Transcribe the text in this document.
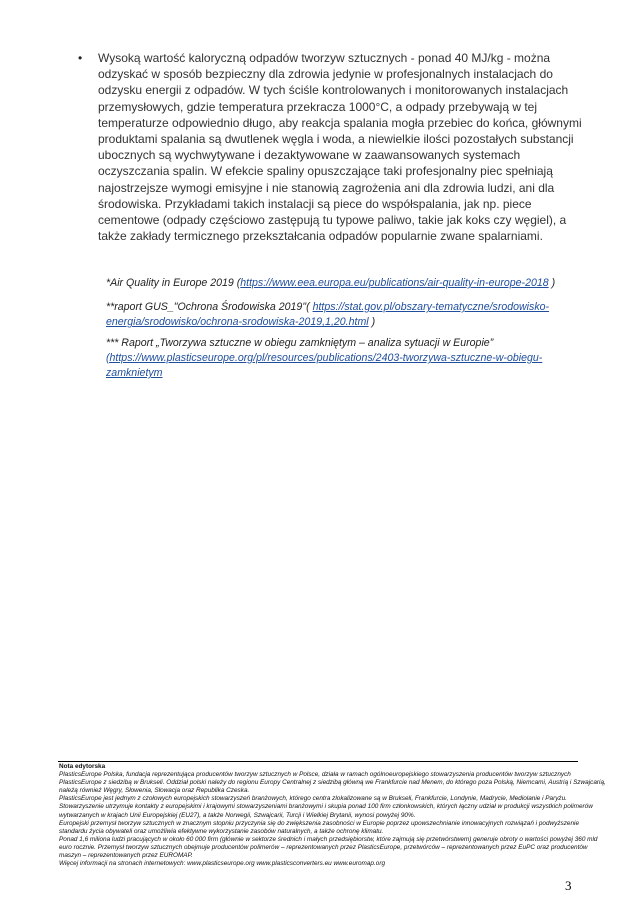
• Wysoką wartość kaloryczną odpadów tworzyw sztucznych - ponad 40 MJ/kg - można odzyskać w sposób bezpieczny dla zdrowia jedynie w profesjonalnych instalacjach do odzysku energii z odpadów. W tych ściśle kontrolowanych i monitorowanych instalacjach przemysłowych, gdzie temperatura przekracza 1000°C, a odpady przebywają w tej temperaturze odpowiednio długo, aby reakcja spalania mogła przebiec do końca, głównymi produktami spalania są dwutlenek węgla i woda, a niewielkie ilości pozostałych substancji ubocznych są wychwytywane i dezaktywowane w zaawansowanych systemach oczyszczania spalin. W efekcie spaliny opuszczające taki profesjonalny piec spełniają najostrzejsze wymogi emisyjne i nie stanowią zagrożenia ani dla zdrowia ludzi, ani dla środowiska. Przykładami takich instalacji są piece do współspalania, jak np. piece cementowe (odpady częściowo zastępują tu typowe paliwo, takie jak koks czy węgiel), a także zakłady termicznego przekształcania odpadów popularnie zwane spalarniami.
*Air Quality in Europe 2019 (https://www.eea.europa.eu/publications/air-quality-in-europe-2018 )
**raport GUS_"Ochrona Środowiska 2019"( https://stat.gov.pl/obszary-tematyczne/srodowisko-energia/srodowisko/ochrona-srodowiska-2019,1,20.html )
*** Raport „Tworzywa sztuczne w obiegu zamkniętym – analiza sytuacji w Europie” (https://www.plasticseurope.org/pl/resources/publications/2403-tworzywa-sztuczne-w-obiegu-zamknietym
Nota edytorska

PlasticsEurope Polska, fundacja reprezentująca producentów tworzyw sztucznych w Polsce, działa w ramach ogólnoeuropejskiego stowarzyszenia producentów tworzyw sztucznych PlasticsEurope z siedzibą w Brukseli. Oddział polski należy do regionu Europy Centralnej z siedzibą główną we Frankfurcie nad Menem, do którego poza Polską, Niemcami, Austrią i Szwajcarią, należą również Węgry, Słowenia, Słowacja oraz Republika Czeska.

PlasticsEurope jest jednym z czołowych europejskich stowarzyszeń branżowych, którego centra zlokalizowane są w Brukseli, Frankfurcie, Londynie, Madrycie, Mediolanie i Paryżu. Stowarzyszenie utrzymuje kontakty z europejskimi i krajowymi stowarzyszeniami branżowymi i skupia ponad 100 firm członkowskich, których łączny udział w produkcji wszystkich polimerów wytwarzanych w krajach Unii Europejskiej (EU27), a także Norwegii, Szwajcarii, Turcji i Wielkiej Brytanii, wynosi powyżej 90%.

Europejski przemysł tworzyw sztucznych w znacznym stopniu przyczynia się do zwiększenia zasobności w Europie poprzez upowszechnianie innowacyjnych rozwiązań i podwyższenie standardu życia obywateli oraz umożliwia efektywne wykorzystanie zasobów naturalnych, a także ochronę klimatu.

Ponad 1,6 miliona ludzi pracujących w około 60 000 firm (głównie w sektorze średnich i małych przedsiębiorstw, które zajmują się przetwórstwem) generuje obroty o wartości powyżej 360 mld euro rocznie. Przemysł tworzyw sztucznych obejmuje producentów polimerów – reprezentowanych przez PlasticsEurope, przetwórców – reprezentowanych przez EuPC oraz producentów maszyn – reprezentowanych przez EUROMAP.

Więcej informacji na stronach internetowych: www.plasticseurope.org www.plasticsconverters.eu www.euromap.org

3
